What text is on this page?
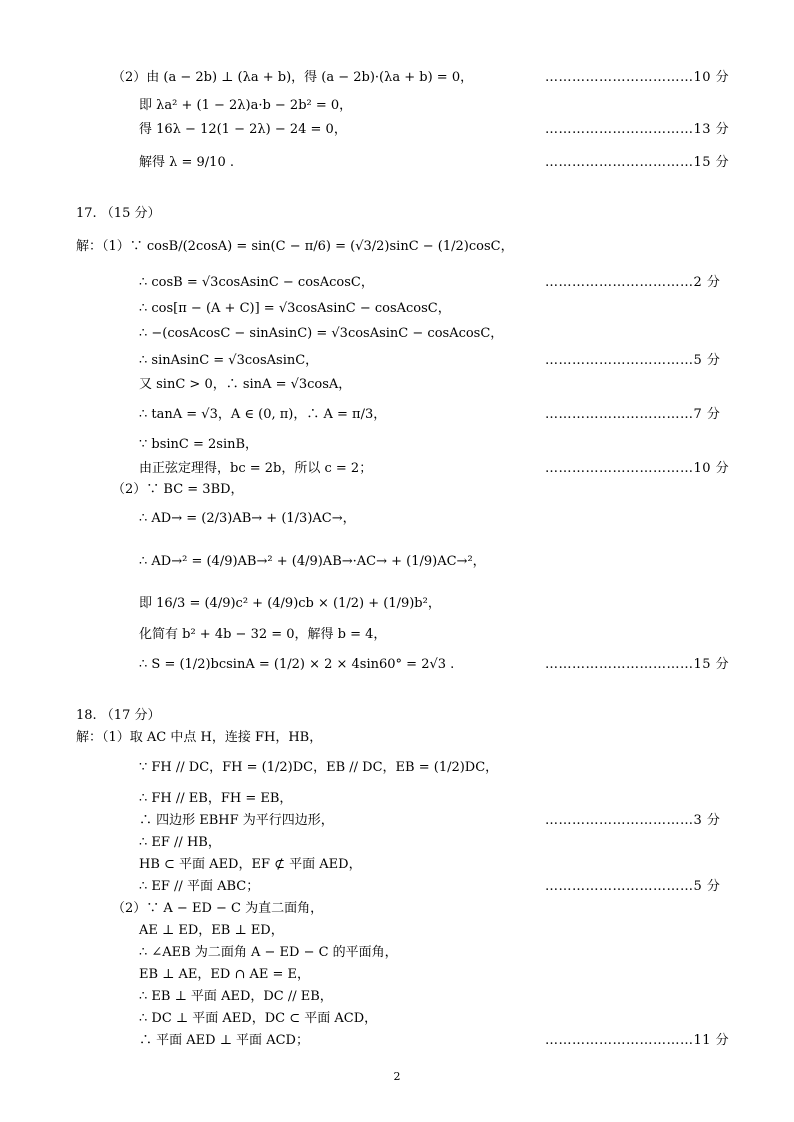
（2）由 (a − 2b) ⊥ (λa + b)，得 (a − 2b)·(λa + b) = 0，
即 λa² + (1 − 2λ)a·b − 2b² = 0，
得 16λ − 12(1 − 2λ) − 24 = 0，
解得 λ = 9/10 .
17. （15 分）
解：（1）∵ cosB/(2cosA) = sin(C − π/6) = (√3/2)sinC − (1/2)cosC，
∴ cosB = √3cosAsinC − cosAcosC，
∴ cos[π − (A + C)] = √3cosAsinC − cosAcosC，
∴ −(cosAcosC − sinAsinC) = √3cosAsinC − cosAcosC，
∴ sinAsinC = √3cosAsinC，
又 sinC > 0，∴ sinA = √3cosA，
∴ tanA = √3，A ∈ (0, π)，∴ A = π/3，
∵ bsinC = 2sinB，
由正弦定理得，bc = 2b，所以 c = 2；
（2）∵ BC = 3BD，
∴ AD→ = (2/3)AB→ + (1/3)AC→，
∴ AD→² = (4/9)AB→² + (4/9)AB→·AC→ + (1/9)AC→²，
即 16/3 = (4/9)c² + (4/9)cb × (1/2) + (1/9)b²，
化简有 b² + 4b − 32 = 0，解得 b = 4，
∴ S = (1/2)bcsinA = (1/2) × 2 × 4sin60° = 2√3 .
18. （17 分）
解：（1）取 AC 中点 H，连接 FH，HB，
∵ FH // DC，FH = (1/2)DC，EB // DC，EB = (1/2)DC，
∴ FH // EB，FH = EB，
∴ 四边形 EBHF 为平行四边形，
∴ EF // HB，
HB ⊂ 平面 AED，EF ⊄ 平面 AED，
∴ EF // 平面 ABC；
（2）∵ A − ED − C 为直二面角，
AE ⊥ ED，EB ⊥ ED，
∴ ∠AEB 为二面角 A − ED − C 的平面角，
EB ⊥ AE，ED ∩ AE = E，
∴ EB ⊥ 平面 AED，DC // EB，
∴ DC ⊥ 平面 AED，DC ⊂ 平面 ACD，
∴ 平面 AED ⊥ 平面 ACD；
……………………………10 分
……………………………13 分
……………………………15 分
……………………………2 分
……………………………5 分
……………………………7 分
……………………………10 分
……………………………15 分
……………………………3 分
……………………………5 分
……………………………11 分
2
